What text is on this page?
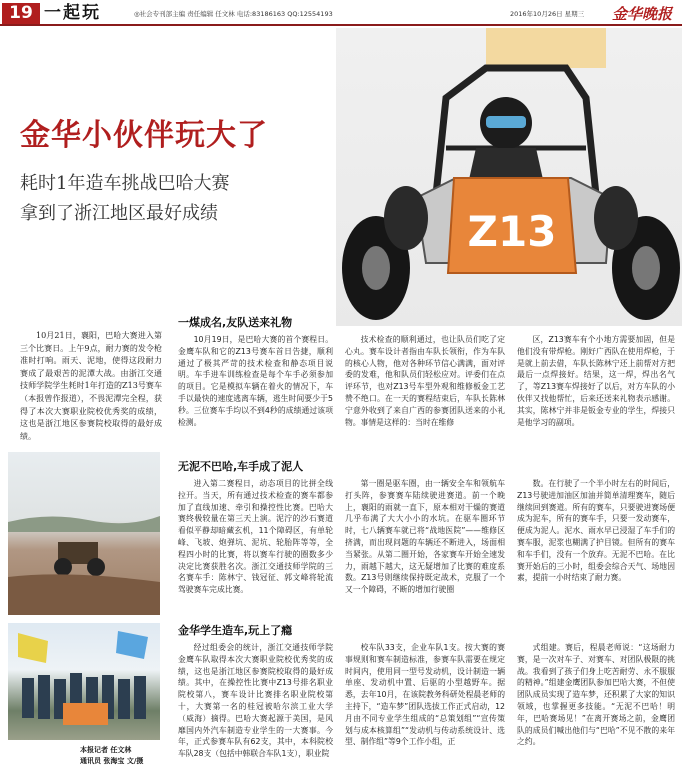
19 一起玩	◎社会专刊部主编 责任编辑 任文林 电话:83186163 QQ:12554193	2016年10月26日 星期三 金华晚报
Z13
金华小伙伴玩大了
耗时1年造车挑战巴哈大赛
拿到了浙江地区最好成绩

10月21日，襄阳，巴哈大赛进入第三个比赛日。上午9点，耐力赛的发令枪准时打响。雨天、泥地，使得这段耐力赛成了最艰苦的泥潭大战。由浙江交通技师学院学生耗时1年打造的Z13号赛车（本报曾作报道），不畏泥潭完全程，获得了本次大赛职业院校优秀奖的成绩，这也是浙江地区参赛院校取得的最好成绩。

一煤成名,友队送来礼物

10月19日，是巴哈大赛的首个赛程日。金鹰车队和它的Z13号赛车首日告捷，顺利通过了极其严苛的技术检查和静态项目说明。车手进车训练检查是每个车手必须参加的项目。它是模拟车辆在着火的情况下，车手以最快的速度逃离车辆，逃生时间要少于5秒。三位赛车手均以不到4秒的成绩通过该项检测。

技术检查的顺利通过，也让队员们吃了定心丸。赛车设计者指由车队长领衔，作为车队的核心人物，他对各种环节信心满满，面对评委的发难，他和队员们轻松应对。评委们在点评环节，也对Z13号车型外观和维修板金工艺赞不绝口。在一天的赛程结束后，车队长陈林宁意外收到了来自广西的参赛团队送来的小礼物。事情是这样的：当时在维修

区，Z13赛车有个小地方需要加固，但是他们没有带焊枪。刚好广西队在使用焊枪，于是就上前去借，车队长陈林宁还上前帮对方把最后一点焊接好。结果，这一焊，焊出名气了，等Z13赛车焊接好了以后，对方车队的小伙伴又找他帮忙，后来还送来礼物表示感谢。其实，陈林宁并非是钣金专业的学生，焊接只是他学习的副项。

无泥不巴哈,车手成了泥人

进入第二赛程日，动态项目的比拼全线拉开。当天，所有通过技术检查的赛车都参加了直线加速、牵引和操控性比赛。巴哈大赛终极较量在第三天上演。泥泞的沙石赛道看似平静却暗藏玄机，11个障碍区，有单轮峰、飞坡、炮弹坑、泥坑、轮胎阵等等，全程四小时的比赛，将以赛车行驶的圈数多少决定比赛获胜名次。浙江交通技师学院的三名赛车手：陈林宁、钱冠征、郭文峰将轮流驾驶赛车完成比赛。

第一圈是驱车圈，由一辆安全车和领航车打头阵，参赛赛车陆续驶进赛道。前一个晚上，襄阳的雨就一直下，原本相对干燥的赛道几乎布满了大大小小的水坑。在驱车圈环节时，七八辆赛车就已将“战地医院”——维修区挤满，而出现问题的车辆还不断进入，场面相当紧张。从第二圈开始，各家赛车开始全速发力，雨越下越大，这无疑增加了比赛的难度系数。Z13号则继续保持既定战术，克服了一个又一个障碍，不断的增加行驶圈

数。在行驶了一个半小时左右的时间后，Z13号驶进加油区加油并简单清理赛车，随后继续回到赛道。所有的赛车，只要驶进赛场便成为泥车，所有的赛车手，只要一发动赛车，便成为泥人。泥水、雨水早已浸湿了车手们的赛车服，泥浆也糊满了护目镜。但所有的赛车和车手们，没有一个放弃。无泥不巴哈。在比赛开始后的三小时，组委会综合天气、场地因素，提前一小时结束了耐力赛。

本报记者 任文林
通讯员 张海宝 文/摄
金华学生造车,玩上了瘾

经过组委会的统计，浙江交通技师学院金鹰车队取得本次大赛职业院校优秀奖的成绩，这也是浙江地区参赛院校取得的最好成绩。其中，在操控性比赛中Z13号排名职业院校第八，赛车设计比赛排名职业院校第十，大赛第一名的桂冠被哈尔滨工业大学（威海）摘得。巴哈大赛起源于美国，是风靡国内外汽车制造专业学生的一大赛事。今年，正式参赛车队有62支，其中，本科院校车队28支（包括中韩联合车队1支），职业院

校车队33支，企业车队1支。按大赛的赛事规则和赛车制造标准，参赛车队需要在规定时间内，使用同一型号发动机，设计制造一辆单座、发动机中置、后驱的小型越野车。据悉，去年10月，在该院教务科研处程晨老师的主持下，“造车梦”团队选拔工作正式启动，12月由不同专业学生组成的“总策划组”“宣传策划与成本核算组”“发动机与传动系统设计、选型、制作组”等9个工作小组，正

式组建。赛后，程晨老师说：“这场耐力赛，是一次对车子、对赛车、对团队极限的挑战。我看到了孩子们身上吃苦耐劳、永不服服的精神。”组建金鹰团队参加巴哈大赛，不但使团队成员实现了造车梦，还积累了大家的知识领域，也掌握更多技能。“无泥不巴哈！明年，巴哈赛场见！”在离开赛场之前，金鹰团队的成员们喊出他们与“巴哈”不见不散的来年之约。
